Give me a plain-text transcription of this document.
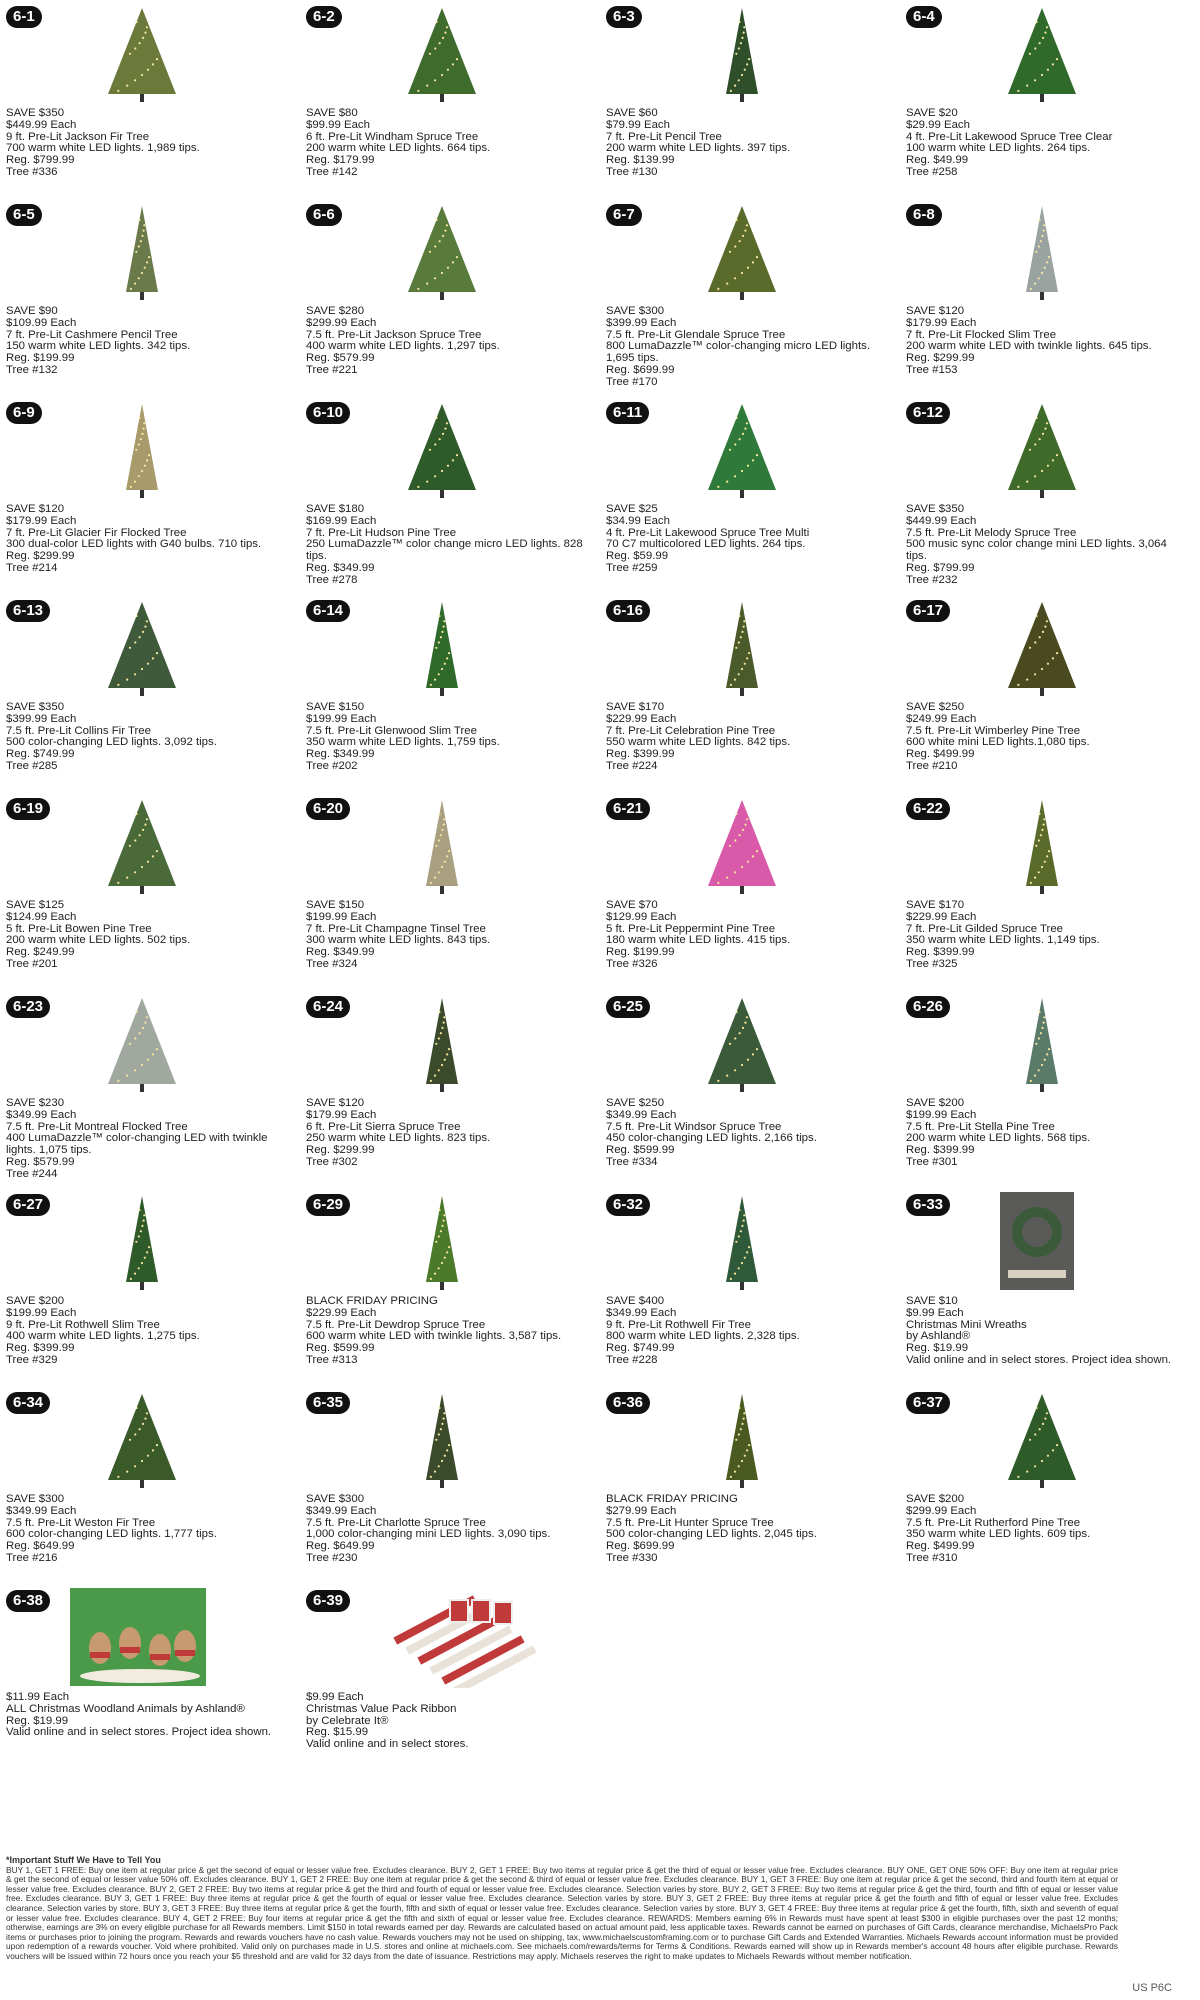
6-1
SAVE $350
$449.99 Each
9 ft. Pre-Lit Jackson Fir Tree
700 warm white LED lights. 1,989 tips.
Reg. $799.99
Tree #336
6-2
SAVE $80
$99.99 Each
6 ft. Pre-Lit Windham Spruce Tree
200 warm white LED lights. 664 tips.
Reg. $179.99
Tree #142
6-3
SAVE $60
$79.99 Each
7 ft. Pre-Lit Pencil Tree
200 warm white LED lights. 397 tips.
Reg. $139.99
Tree #130
6-4
SAVE $20
$29.99 Each
4 ft. Pre-Lit Lakewood Spruce Tree Clear
100 warm white LED lights. 264 tips.
Reg. $49.99
Tree #258
6-5
SAVE $90
$109.99 Each
7 ft. Pre-Lit Cashmere Pencil Tree
150 warm white LED lights. 342 tips.
Reg. $199.99
Tree #132
6-6
SAVE $280
$299.99 Each
7.5 ft. Pre-Lit Jackson Spruce Tree
400 warm white LED lights. 1,297 tips.
Reg. $579.99
Tree #221
6-7
SAVE $300
$399.99 Each
7.5 ft. Pre-Lit Glendale Spruce Tree
800 LumaDazzle™ color-changing micro LED lights. 1,695 tips.
Reg. $699.99
Tree #170
6-8
SAVE $120
$179.99 Each
7 ft. Pre-Lit Flocked Slim Tree
200 warm white LED with twinkle lights. 645 tips.
Reg. $299.99
Tree #153
6-9
SAVE $120
$179.99 Each
7 ft. Pre-Lit Glacier Fir Flocked Tree
300 dual-color LED lights with G40 bulbs. 710 tips.
Reg. $299.99
Tree #214
6-10
SAVE $180
$169.99 Each
7 ft. Pre-Lit Hudson Pine Tree
250 LumaDazzle™ color change micro LED lights. 828 tips.
Reg. $349.99
Tree #278
6-11
SAVE $25
$34.99 Each
4 ft. Pre-Lit Lakewood Spruce Tree Multi
70 C7 multicolored LED lights. 264 tips.
Reg. $59.99
Tree #259
6-12
SAVE $350
$449.99 Each
7.5 ft. Pre-Lit Melody Spruce Tree
500 music sync color change mini LED lights. 3,064 tips.
Reg. $799.99
Tree #232
6-13
SAVE $350
$399.99 Each
7.5 ft. Pre-Lit Collins Fir Tree
500 color-changing LED lights. 3,092 tips.
Reg. $749.99
Tree #285
6-14
SAVE $150
$199.99 Each
7.5 ft. Pre-Lit Glenwood Slim Tree
350 warm white LED lights. 1,759 tips.
Reg. $349.99
Tree #202
6-16
SAVE $170
$229.99 Each
7 ft. Pre-Lit Celebration Pine Tree
550 warm white LED lights. 842 tips.
Reg. $399.99
Tree #224
6-17
SAVE $250
$249.99 Each
7.5 ft. Pre-Lit Wimberley Pine Tree
600 white mini LED lights.1,080 tips.
Reg. $499.99
Tree #210
6-19
SAVE $125
$124.99 Each
5 ft. Pre-Lit Bowen Pine Tree
200 warm white LED lights. 502 tips.
Reg. $249.99
Tree #201
6-20
SAVE $150
$199.99 Each
7 ft. Pre-Lit Champagne Tinsel Tree
300 warm white LED lights. 843 tips.
Reg. $349.99
Tree #324
6-21
SAVE $70
$129.99 Each
5 ft. Pre-Lit Peppermint Pine Tree
180 warm white LED lights. 415 tips.
Reg. $199.99
Tree #326
6-22
SAVE $170
$229.99 Each
7 ft. Pre-Lit Gilded Spruce Tree
350 warm white LED lights. 1,149 tips.
Reg. $399.99
Tree #325
6-23
SAVE $230
$349.99 Each
7.5 ft. Pre-Lit Montreal Flocked Tree
400 LumaDazzle™ color-changing LED with twinkle lights. 1,075 tips.
Reg. $579.99
Tree #244
6-24
SAVE $120
$179.99 Each
6 ft. Pre-Lit Sierra Spruce Tree
250 warm white LED lights. 823 tips.
Reg. $299.99
Tree #302
6-25
SAVE $250
$349.99 Each
7.5 ft. Pre-Lit Windsor Spruce Tree
450 color-changing LED lights. 2,166 tips.
Reg. $599.99
Tree #334
6-26
SAVE $200
$199.99 Each
7.5 ft. Pre-Lit Stella Pine Tree
200 warm white LED lights. 568 tips.
Reg. $399.99
Tree #301
6-27
SAVE $200
$199.99 Each
9 ft. Pre-Lit Rothwell Slim Tree
400 warm white LED lights. 1,275 tips.
Reg. $399.99
Tree #329
6-29
BLACK FRIDAY PRICING
$229.99 Each
7.5 ft. Pre-Lit Dewdrop Spruce Tree
600 warm white LED with twinkle lights. 3,587 tips.
Reg. $599.99
Tree #313
6-32
SAVE $400
$349.99 Each
9 ft. Pre-Lit Rothwell Fir Tree
800 warm white LED lights. 2,328 tips.
Reg. $749.99
Tree #228
6-33
SAVE $10
$9.99 Each
Christmas Mini Wreaths
by Ashland®
Reg. $19.99
Valid online and in select stores. Project idea shown.
6-34
SAVE $300
$349.99 Each
7.5 ft. Pre-Lit Weston Fir Tree
600 color-changing LED lights. 1,777 tips.
Reg. $649.99
Tree #216
6-35
SAVE $300
$349.99 Each
7.5 ft. Pre-Lit Charlotte Spruce Tree
1,000 color-changing mini LED lights. 3,090 tips.
Reg. $649.99
Tree #230
6-36
BLACK FRIDAY PRICING
$279.99 Each
7.5 ft. Pre-Lit Hunter Spruce Tree
500 color-changing LED lights. 2,045 tips.
Reg. $699.99
Tree #330
6-37
SAVE $200
$299.99 Each
7.5 ft. Pre-Lit Rutherford Pine Tree
350 warm white LED lights. 609 tips.
Reg. $499.99
Tree #310
6-38
$11.99 Each
ALL Christmas Woodland Animals by Ashland®
Reg. $19.99
Valid online and in select stores. Project idea shown.
6-39
$9.99 Each
Christmas Value Pack Ribbon
by Celebrate It®
Reg. $15.99
Valid online and in select stores.
*Important Stuff We Have to Tell You
BUY 1, GET 1 FREE: Buy one item at regular price & get the second of equal or lesser value free. Excludes clearance. BUY 2, GET 1 FREE: Buy two items at regular price & get the third of equal or lesser value free. Excludes clearance. BUY ONE, GET ONE 50% OFF: Buy one item at regular price & get the second of equal or lesser value 50% off. Excludes clearance. BUY 1, GET 2 FREE: Buy one item at regular price & get the second & third of equal or lesser value free. Excludes clearance. BUY 1, GET 3 FREE: Buy one item at regular price & get the second, third and fourth item at equal or lesser value free. Excludes clearance. BUY 2, GET 2 FREE: Buy two items at regular price & get the third and fourth of equal or lesser value free. Excludes clearance. Selection varies by store. BUY 2, GET 3 FREE: Buy two items at regular price & get the third, fourth and fifth of equal or lesser value free. Excludes clearance. BUY 3, GET 1 FREE: Buy three items at regular price & get the fourth of equal or lesser value free. Excludes clearance. Selection varies by store. BUY 3, GET 2 FREE: Buy three items at regular price & get the fourth and fifth of equal or lesser value free. Excludes clearance. Selection varies by store. BUY 3, GET 3 FREE: Buy three items at regular price & get the fourth, fifth and sixth of equal or lesser value free. Excludes clearance. Selection varies by store. BUY 3, GET 4 FREE: Buy three items at regular price & get the fourth, fifth, sixth and seventh of equal or lesser value free. Excludes clearance. BUY 4, GET 2 FREE: Buy four items at regular price & get the fifth and sixth of equal or lesser value free. Excludes clearance. REWARDS: Members earning 6% in Rewards must have spent at least $300 in eligible purchases over the past 12 months; otherwise, earnings are 3% on every eligible purchase for all Rewards members. Limit $150 in total rewards earned per day. Rewards are calculated based on actual amount paid, less applicable taxes. Rewards cannot be earned on purchases of Gift Cards, clearance merchandise, MichaelsPro Pack items or purchases prior to joining the program. Rewards and rewards vouchers have no cash value. Rewards vouchers may not be used on shipping, tax, www.michaelscustomframing.com or to purchase Gift Cards and Extended Warranties. Michaels Rewards account information must be provided upon redemption of a rewards voucher. Void where prohibited. Valid only on purchases made in U.S. stores and online at michaels.com. See michaels.com/rewards/terms for Terms & Conditions. Rewards earned will show up in Rewards member's account 48 hours after eligible purchase. Rewards vouchers will be issued within 72 hours once you reach your $5 threshold and are valid for 32 days from the date of issuance. Restrictions may apply. Michaels reserves the right to make updates to Michaels Rewards without member notification.
US P6C
